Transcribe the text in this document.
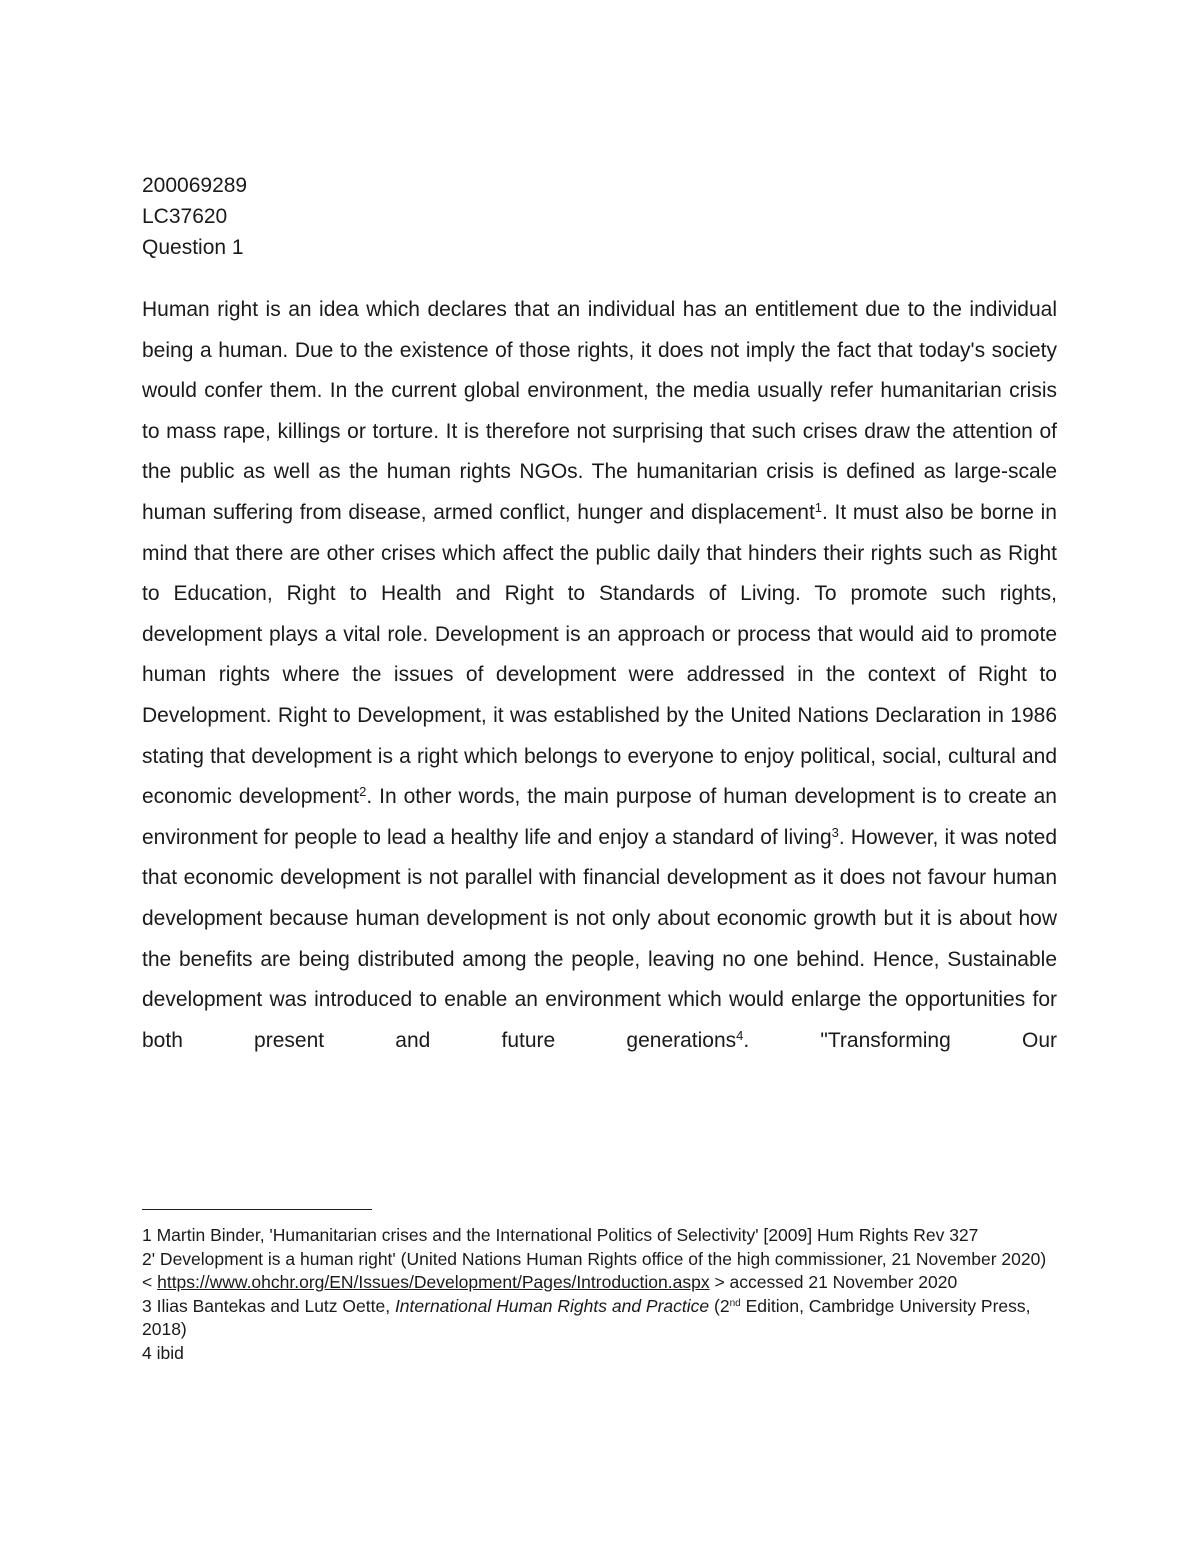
200069289
LC37620
Question 1

Human right is an idea which declares that an individual has an entitlement due to the individual being a human. Due to the existence of those rights, it does not imply the fact that today's society would confer them. In the current global environment, the media usually refer humanitarian crisis to mass rape, killings or torture. It is therefore not surprising that such crises draw the attention of the public as well as the human rights NGOs. The humanitarian crisis is defined as large-scale human suffering from disease, armed conflict, hunger and displacement$^1$. It must also be borne in mind that there are other crises which affect the public daily that hinders their rights such as Right to Education, Right to Health and Right to Standards of Living. To promote such rights, development plays a vital role. Development is an approach or process that would aid to promote human rights where the issues of development were addressed in the context of Right to Development. Right to Development, it was established by the United Nations Declaration in 1986 stating that development is a right which belongs to everyone to enjoy political, social, cultural and economic development$^2$. In other words, the main purpose of human development is to create an environment for people to lead a healthy life and enjoy a standard of living$^3$. However, it was noted that economic development is not parallel with financial development as it does not favour human development because human development is not only about economic growth but it is about how the benefits are being distributed among the people, leaving no one behind. Hence, Sustainable development was introduced to enable an environment which would enlarge the opportunities for both present and future generations$^4$. "Transforming Our

1 Martin Binder, 'Humanitarian crises and the International Politics of Selectivity' [2009] Hum Rights Rev 327

2' Development is a human right' (United Nations Human Rights office of the high commissioner, 21 November 2020) < https://www.ohchr.org/EN/Issues/Development/Pages/Introduction.aspx > accessed 21 November 2020

3 Ilias Bantekas and Lutz Oette, International Human Rights and Practice (2nd Edition, Cambridge University Press, 2018)

4 ibid
